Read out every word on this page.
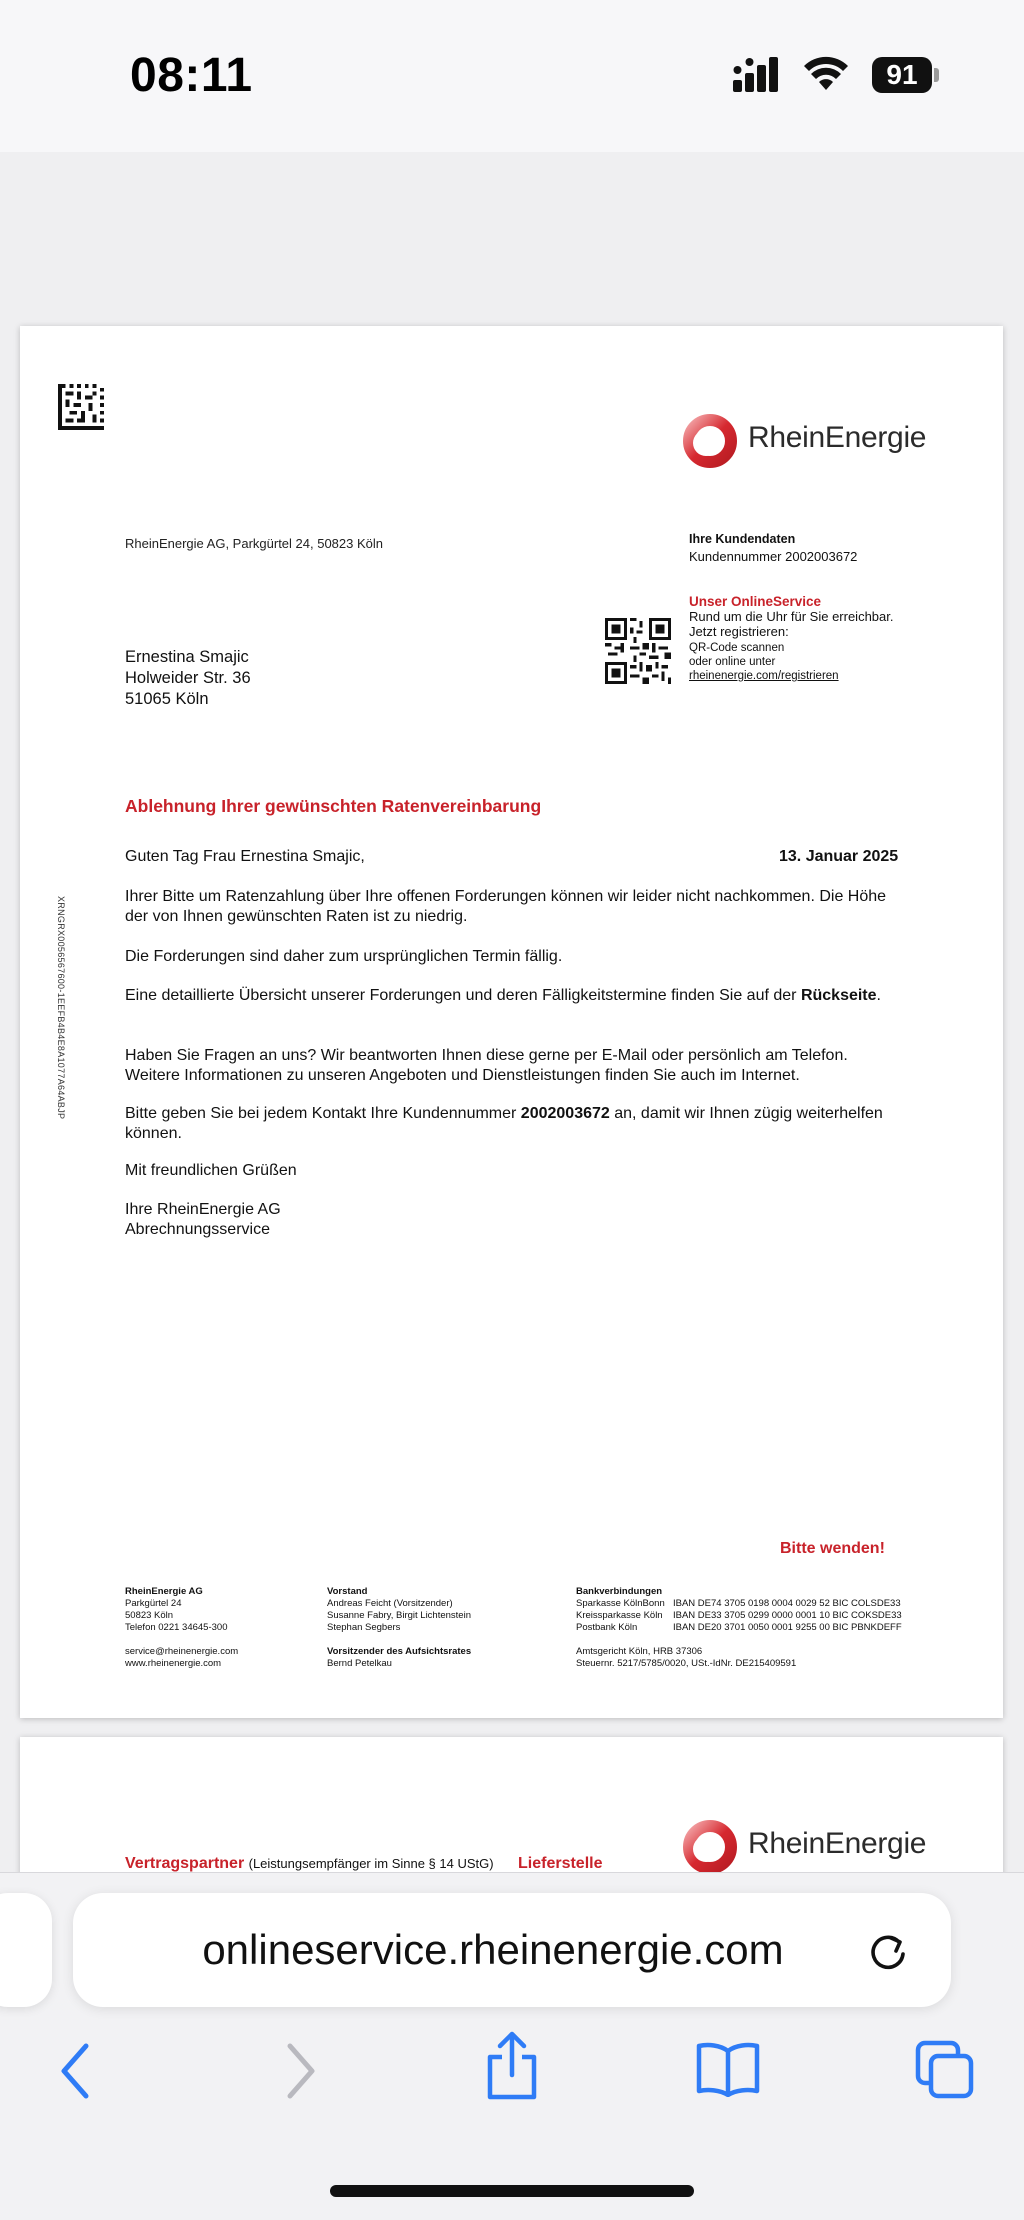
08:11	91
RheinEnergie
RheinEnergie AG, Parkgürtel 24, 50823 Köln	Ihre Kundendaten
Kundennummer 2002003672
Unser OnlineService
Rund um die Uhr für Sie erreichbar.
Jetzt registrieren:
QR-Code scannen
oder online unter
rheinenergie.com/registrieren
Ernestina Smajic
Holweider Str. 36
51065 Köln
XRNGRX0056567600-1EEFB4B4E8A1077A64ABJP
Ablehnung Ihrer gewünschten Ratenvereinbarung
Guten Tag Frau Ernestina Smajic,	13. Januar 2025
Ihrer Bitte um Ratenzahlung über Ihre offenen Forderungen können wir leider nicht nachkommen. Die Höhe der von Ihnen gewünschten Raten ist zu niedrig.
Die Forderungen sind daher zum ursprünglichen Termin fällig.
Eine detaillierte Übersicht unserer Forderungen und deren Fälligkeitstermine finden Sie auf der Rückseite.
Haben Sie Fragen an uns? Wir beantworten Ihnen diese gerne per E-Mail oder persönlich am Telefon. Weitere Informationen zu unseren Angeboten und Dienstleistungen finden Sie auch im Internet.
Bitte geben Sie bei jedem Kontakt Ihre Kundennummer 2002003672 an, damit wir Ihnen zügig weiterhelfen können.
Mit freundlichen Grüßen
Ihre RheinEnergie AG
Abrechnungsservice
Bitte wenden!
RheinEnergie AG
Parkgürtel 24
50823 Köln
Telefon 0221 34645-300
service@rheinenergie.com
www.rheinenergie.com
Vorstand
Andreas Feicht (Vorsitzender)
Susanne Fabry, Birgit Lichtenstein
Stephan Segbers
Vorsitzender des Aufsichtsrates
Bernd Petelkau
Bankverbindungen
Sparkasse KölnBonn IBAN DE74 3705 0198 0004 0029 52 BIC COLSDE33
Kreissparkasse Köln	IBAN DE33 3705 0299 0000 0001 10 BIC COKSDE33
Postbank Köln	IBAN DE20 3701 0050 0001 9255 00 BIC PBNKDEFF
Amtsgericht Köln, HRB 37306
Steuernr. 5217/5785/0020, USt.-IdNr. DE215409591
RheinEnergie
Vertragspartner (Leistungsempfänger im Sinne § 14 UStG) Lieferstelle
onlineservice.rheinenergie.com
